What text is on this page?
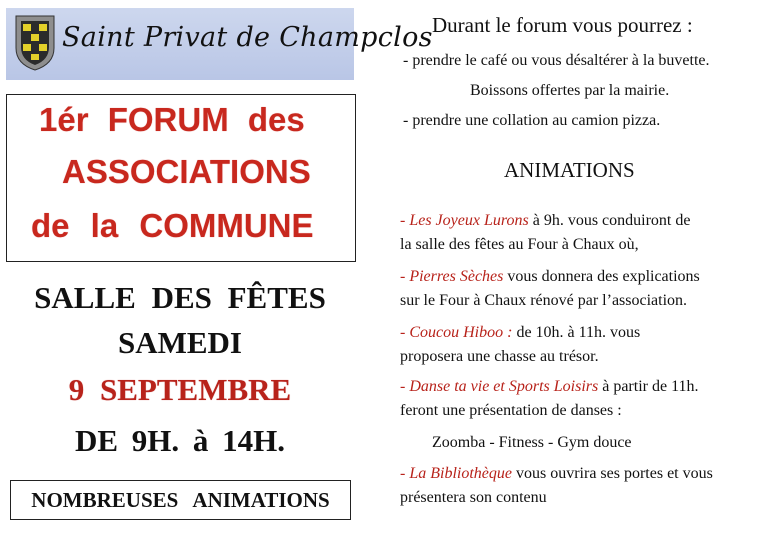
Saint Privat de Champclos
1ér FORUM des
ASSOCIATIONS
de la COMMUNE
SALLE DES FÊTES
SAMEDI
9 SEPTEMBRE
DE 9H. à 14H.
NOMBREUSES ANIMATIONS
Durant le forum vous pourrez :
- prendre le café ou vous désaltérer à la buvette.
Boissons offertes par la mairie.
- prendre une collation au camion pizza.
ANIMATIONS
- Les Joyeux Lurons à 9h. vous conduiront de
la salle des fêtes au Four à Chaux où,
- Pierres Sèches vous donnera des explications
sur le Four à Chaux rénové par l’association.
- Coucou Hiboo : de 10h. à 11h. vous
proposera une chasse au trésor.
- Danse ta vie et Sports Loisirs à partir de 11h.
feront une présentation de danses :
Zoomba - Fitness - Gym douce
- La Bibliothèque vous ouvrira ses portes et vous
présentera son contenu
